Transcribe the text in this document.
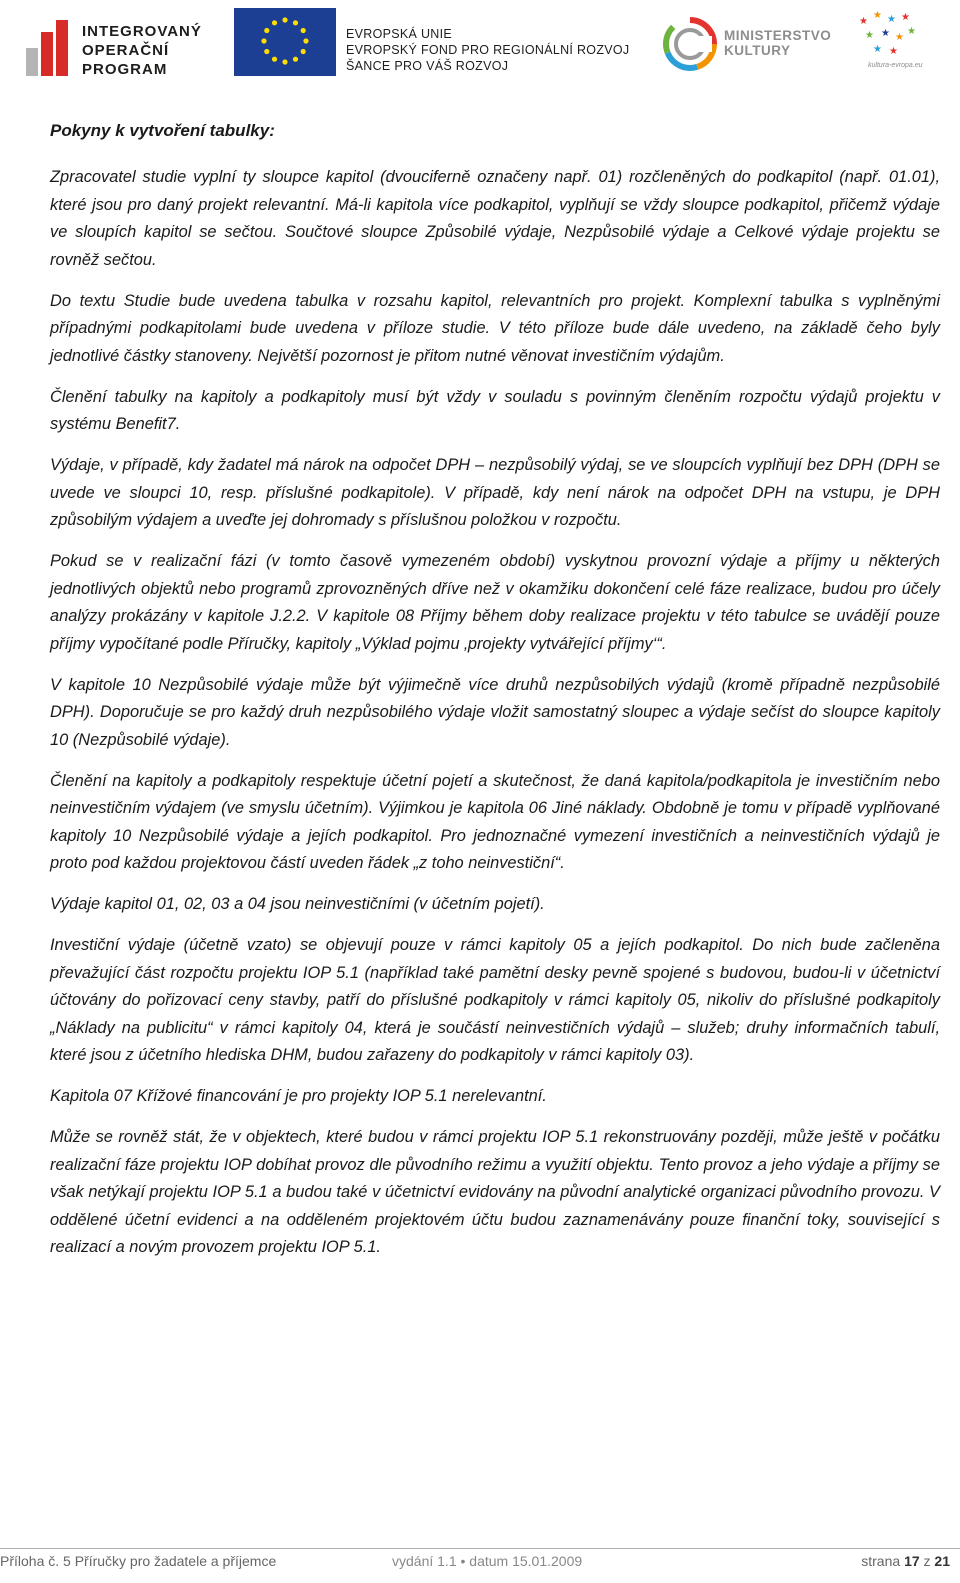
INTEGROVANÝ
OPERAČNÍ
PROGRAM
EVROPSKÁ UNIE
EVROPSKÝ FOND PRO REGIONÁLNÍ ROZVOJ
ŠANCE PRO VÁŠ ROZVOJ
MINISTERSTVO
KULTURY
★
★ ★ ★
★ ★ ★
★
★ ★
kultura-evropa.eu
Pokyny k vytvoření tabulky:

Zpracovatel studie vyplní ty sloupce kapitol (dvouciferně označeny např. 01) rozčleněných do podkapitol (např. 01.01), které jsou pro daný projekt relevantní. Má-li kapitola více podkapitol, vyplňují se vždy sloupce podkapitol, přičemž výdaje ve sloupích kapitol se sečtou. Součtové sloupce Způsobilé výdaje, Nezpůsobilé výdaje a Celkové výdaje projektu se rovněž sečtou.

Do textu Studie bude uvedena tabulka v rozsahu kapitol, relevantních pro projekt. Komplexní tabulka s vyplněnými případnými podkapitolami bude uvedena v příloze studie. V této příloze bude dále uvedeno, na základě čeho byly jednotlivé částky stanoveny. Největší pozornost je přitom nutné věnovat investičním výdajům.

Členění tabulky na kapitoly a podkapitoly musí být vždy v souladu s povinným členěním rozpočtu výdajů projektu v systému Benefit7.

Výdaje, v případě, kdy žadatel má nárok na odpočet DPH – nezpůsobilý výdaj, se ve sloupcích vyplňují bez DPH (DPH se uvede ve sloupci 10, resp. příslušné podkapitole). V případě, kdy není nárok na odpočet DPH na vstupu, je DPH způsobilým výdajem a uveďte jej dohromady s příslušnou položkou v rozpočtu.

Pokud se v realizační fázi (v tomto časově vymezeném období) vyskytnou provozní výdaje a příjmy u některých jednotlivých objektů nebo programů zprovozněných dříve než v okamžiku dokončení celé fáze realizace, budou pro účely analýzy prokázány v kapitole J.2.2. V kapitole 08 Příjmy během doby realizace projektu v této tabulce se uvádějí pouze příjmy vypočítané podle Příručky, kapitoly „Výklad pojmu ‚projekty vytvářející příjmy‘“.

V kapitole 10 Nezpůsobilé výdaje může být výjimečně více druhů nezpůsobilých výdajů (kromě případně nezpůsobilé DPH). Doporučuje se pro každý druh nezpůsobilého výdaje vložit samostatný sloupec a výdaje sečíst do sloupce kapitoly 10 (Nezpůsobilé výdaje).

Členění na kapitoly a podkapitoly respektuje účetní pojetí a skutečnost, že daná kapitola/podkapitola je investičním nebo neinvestičním výdajem (ve smyslu účetním). Výjimkou je kapitola 06 Jiné náklady. Obdobně je tomu v případě vyplňované kapitoly 10 Nezpůsobilé výdaje a jejích podkapitol. Pro jednoznačné vymezení investičních a neinvestičních výdajů je proto pod každou projektovou částí uveden řádek „z toho neinvestiční“.

Výdaje kapitol 01, 02, 03 a 04 jsou neinvestičními (v účetním pojetí).

Investiční výdaje (účetně vzato) se objevují pouze v rámci kapitoly 05 a jejích podkapitol. Do nich bude začleněna převažující část rozpočtu projektu IOP 5.1 (například také pamětní desky pevně spojené s budovou, budou-li v účetnictví účtovány do pořizovací ceny stavby, patří do příslušné podkapitoly v rámci kapitoly 05, nikoliv do příslušné podkapitoly „Náklady na publicitu“ v rámci kapitoly 04, která je součástí neinvestičních výdajů – služeb; druhy informačních tabulí, které jsou z účetního hlediska DHM, budou zařazeny do podkapitoly v rámci kapitoly 03).

Kapitola 07 Křížové financování je pro projekty IOP 5.1 nerelevantní.

Může se rovněž stát, že v objektech, které budou v rámci projektu IOP 5.1 rekonstruovány později, může ještě v počátku realizační fáze projektu IOP dobíhat provoz dle původního režimu a využití objektu. Tento provoz a jeho výdaje a příjmy se však netýkají projektu IOP 5.1 a budou také v účetnictví evidovány na původní analytické organizaci původního provozu. V oddělené účetní evidenci a na odděleném projektovém účtu budou zaznamenávány pouze finanční toky, související s realizací a novým provozem projektu IOP 5.1.

Příloha č. 5 Příručky pro žadatele a příjemce	vydání 1.1 • datum 15.01.2009	strana 17 z 21
